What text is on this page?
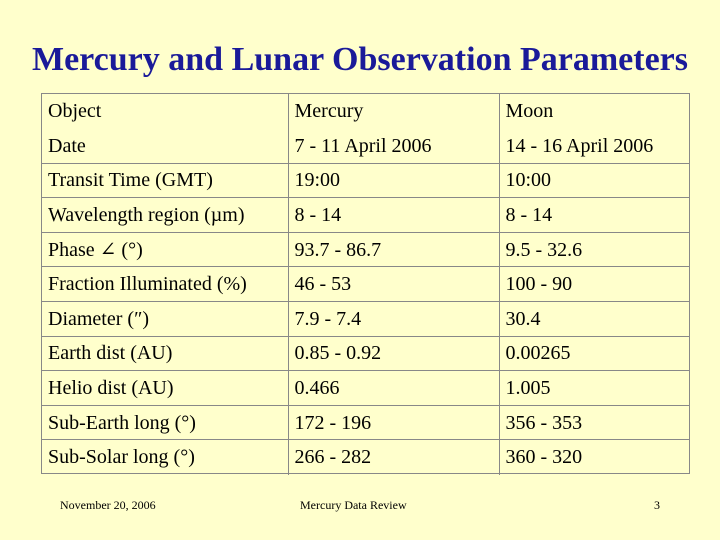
Mercury and Lunar Observation Parameters
Object	Mercury	Moon
Date	7 - 11 April 2006	14 - 16 April 2006
Transit Time (GMT)	19:00	10:00
Wavelength region (µm)	8 - 14	8 - 14
Phase ∠ (°)	93.7 - 86.7	9.5 - 32.6
Fraction Illuminated (%)	46 - 53	100 - 90
Diameter (″)	7.9 - 7.4	30.4
Earth dist (AU)	0.85 - 0.92	0.00265
Helio dist (AU)	0.466	1.005
Sub-Earth long (°)	172 - 196	356 - 353
Sub-Solar long (°)	266 - 282	360 - 320
November 20, 2006	Mercury Data Review	3
